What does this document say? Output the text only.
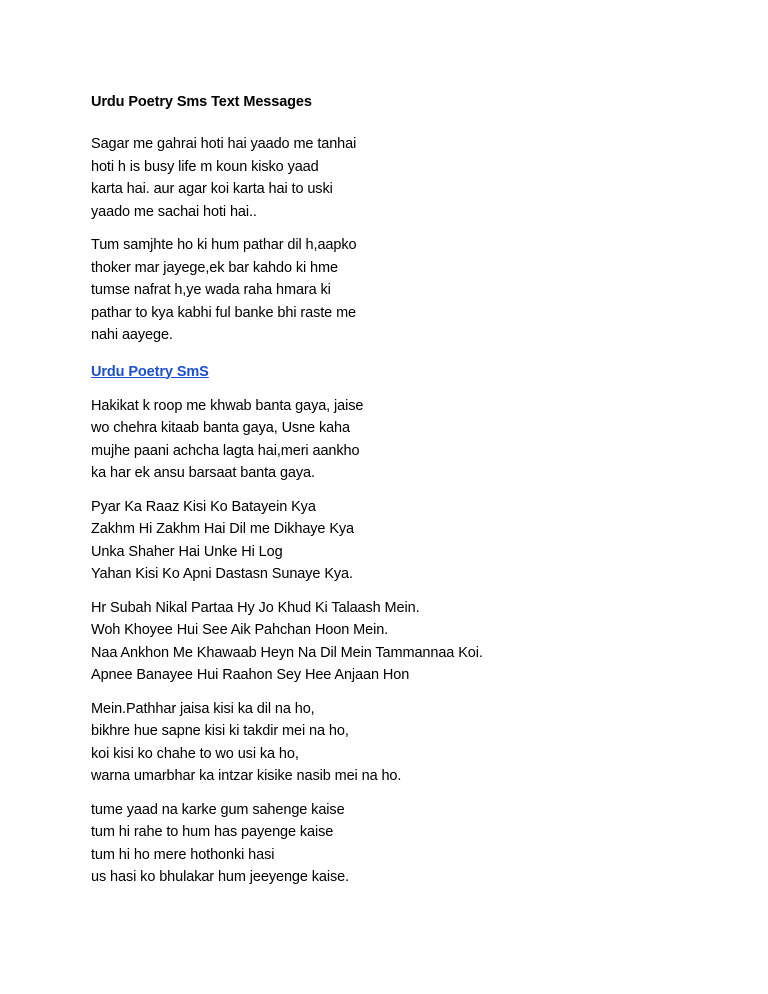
Urdu Poetry Sms Text Messages
Sagar me gahrai hoti hai yaado me tanhai
hoti h is busy life m koun kisko yaad
karta hai. aur agar koi karta hai to uski
yaado me sachai hoti hai..
Tum samjhte ho ki hum pathar dil h,aapko
thoker mar jayege,ek bar kahdo ki hme
tumse nafrat h,ye wada raha hmara ki
pathar to kya kabhi ful banke bhi raste me
nahi aayege.
Urdu Poetry SmS
Hakikat k roop me khwab banta gaya, jaise
wo chehra kitaab banta gaya, Usne kaha
mujhe paani achcha lagta hai,meri aankho
ka har ek ansu barsaat banta gaya.
Pyar Ka Raaz Kisi Ko Batayein Kya
Zakhm Hi Zakhm Hai Dil me Dikhaye Kya
Unka Shaher Hai Unke Hi Log
Yahan Kisi Ko Apni Dastasn Sunaye Kya.
Hr Subah Nikal Partaa Hy Jo Khud Ki Talaash Mein.
Woh Khoyee Hui See Aik Pahchan Hoon Mein.
Naa Ankhon Me Khawaab Heyn Na Dil Mein Tammannaa Koi.
Apnee Banayee Hui Raahon Sey Hee Anjaan Hon
Mein.Pathhar jaisa kisi ka dil na ho,
bikhre hue sapne kisi ki takdir mei na ho,
koi kisi ko chahe to wo usi ka ho,
warna umarbhar ka intzar kisike nasib mei na ho.
tume yaad na karke gum sahenge kaise
tum hi rahe to hum has payenge kaise
tum hi ho mere hothonki hasi
us hasi ko bhulakar hum jeeyenge kaise.
